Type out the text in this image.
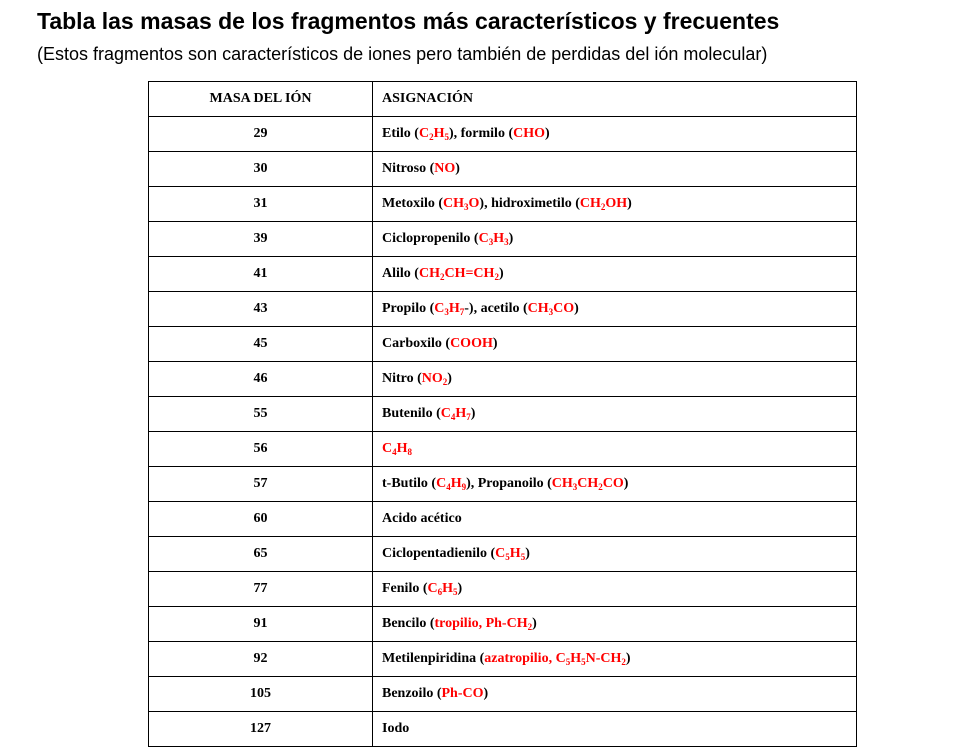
Tabla las masas de los fragmentos más característicos y frecuentes
(Estos fragmentos son característicos de iones pero también de perdidas del ión molecular)
MASA DEL IÓN	ASIGNACIÓN
29	Etilo $(C_2H_5)$, formilo (CHO)
30	Nitroso (NO)
31	Metoxilo $(CH_3O)$, hidroximetilo $(CH_2OH)$
39	Ciclopropenilo $(C_3H_3)$
41	Alilo $(CH_2CH=CH_2)$
43	Propilo $(C_3H_7-)$, acetilo $(CH_3CO)$
45	Carboxilo (COOH)
46	Nitro $(NO_2)$
55	Butenilo $(C_4H_7)$
56	$C_4H_8$
57	t-Butilo $(C_4H_9)$, Propanoilo $(CH_3CH_2CO)$
60	Acido acético
65	Ciclopentadienilo $(C_5H_5)$
77	Fenilo $(C_6H_5)$
91	Bencilo (tropilio, $Ph-CH_2$)
92	Metilenpiridina (azatropilio, $C_5H_5N-CH_2$)
105	Benzoilo (Ph-CO)
127	Iodo
